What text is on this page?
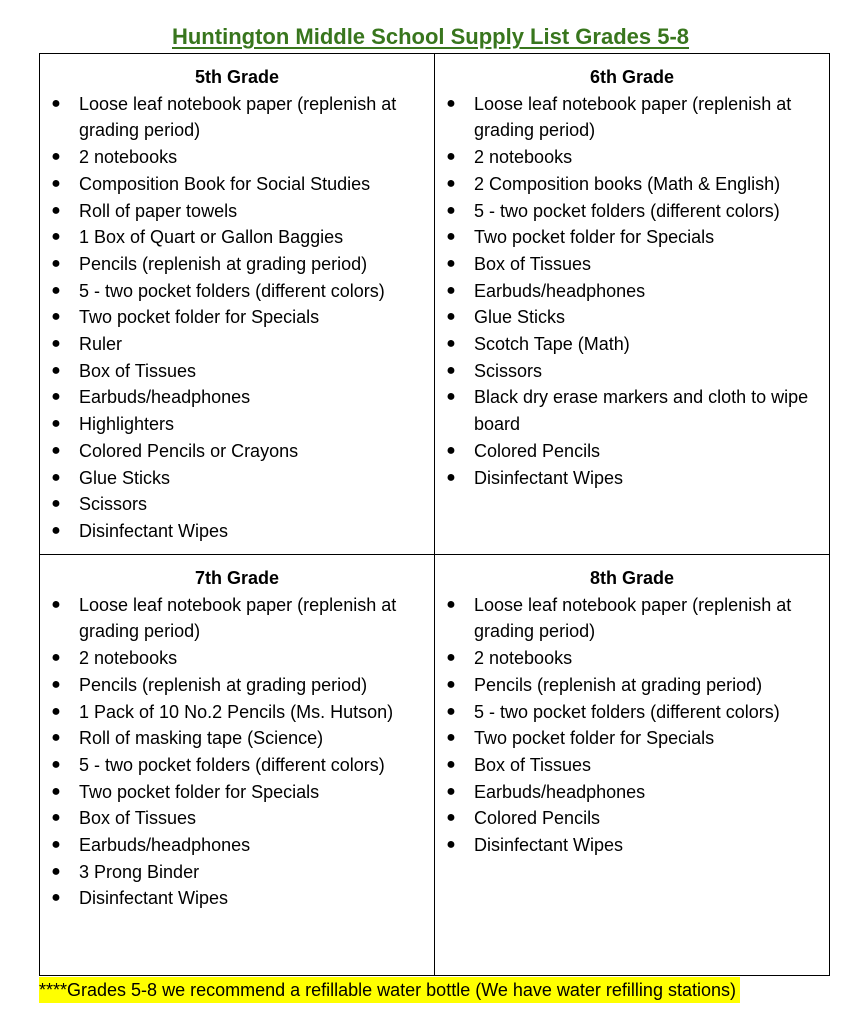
Huntington Middle School Supply List Grades 5-8
5th Grade
● Loose leaf notebook paper (replenish at grading period)
● 2 notebooks
● Composition Book for Social Studies
● Roll of paper towels
● 1 Box of Quart or Gallon Baggies
● Pencils (replenish at grading period)
● 5 - two pocket folders (different colors)
● Two pocket folder for Specials
● Ruler
● Box of Tissues
● Earbuds/headphones
● Highlighters
● Colored Pencils or Crayons
● Glue Sticks
● Scissors
● Disinfectant Wipes
6th Grade
● Loose leaf notebook paper (replenish at grading period)
● 2 notebooks
● 2 Composition books (Math & English)
● 5 - two pocket folders (different colors)
● Two pocket folder for Specials
● Box of Tissues
● Earbuds/headphones
● Glue Sticks
● Scotch Tape (Math)
● Scissors
● Black dry erase markers and cloth to wipe board
● Colored Pencils
● Disinfectant Wipes
7th Grade
● Loose leaf notebook paper (replenish at grading period)
● 2 notebooks
● Pencils (replenish at grading period)
● 1 Pack of 10 No.2 Pencils (Ms. Hutson)
● Roll of masking tape (Science)
● 5 - two pocket folders (different colors)
● Two pocket folder for Specials
● Box of Tissues
● Earbuds/headphones
● 3 Prong Binder
● Disinfectant Wipes
8th Grade
● Loose leaf notebook paper (replenish at grading period)
● 2 notebooks
● Pencils (replenish at grading period)
● 5 - two pocket folders (different colors)
● Two pocket folder for Specials
● Box of Tissues
● Earbuds/headphones
● Colored Pencils
● Disinfectant Wipes
****Grades 5-8 we recommend a refillable water bottle (We have water refilling stations)
